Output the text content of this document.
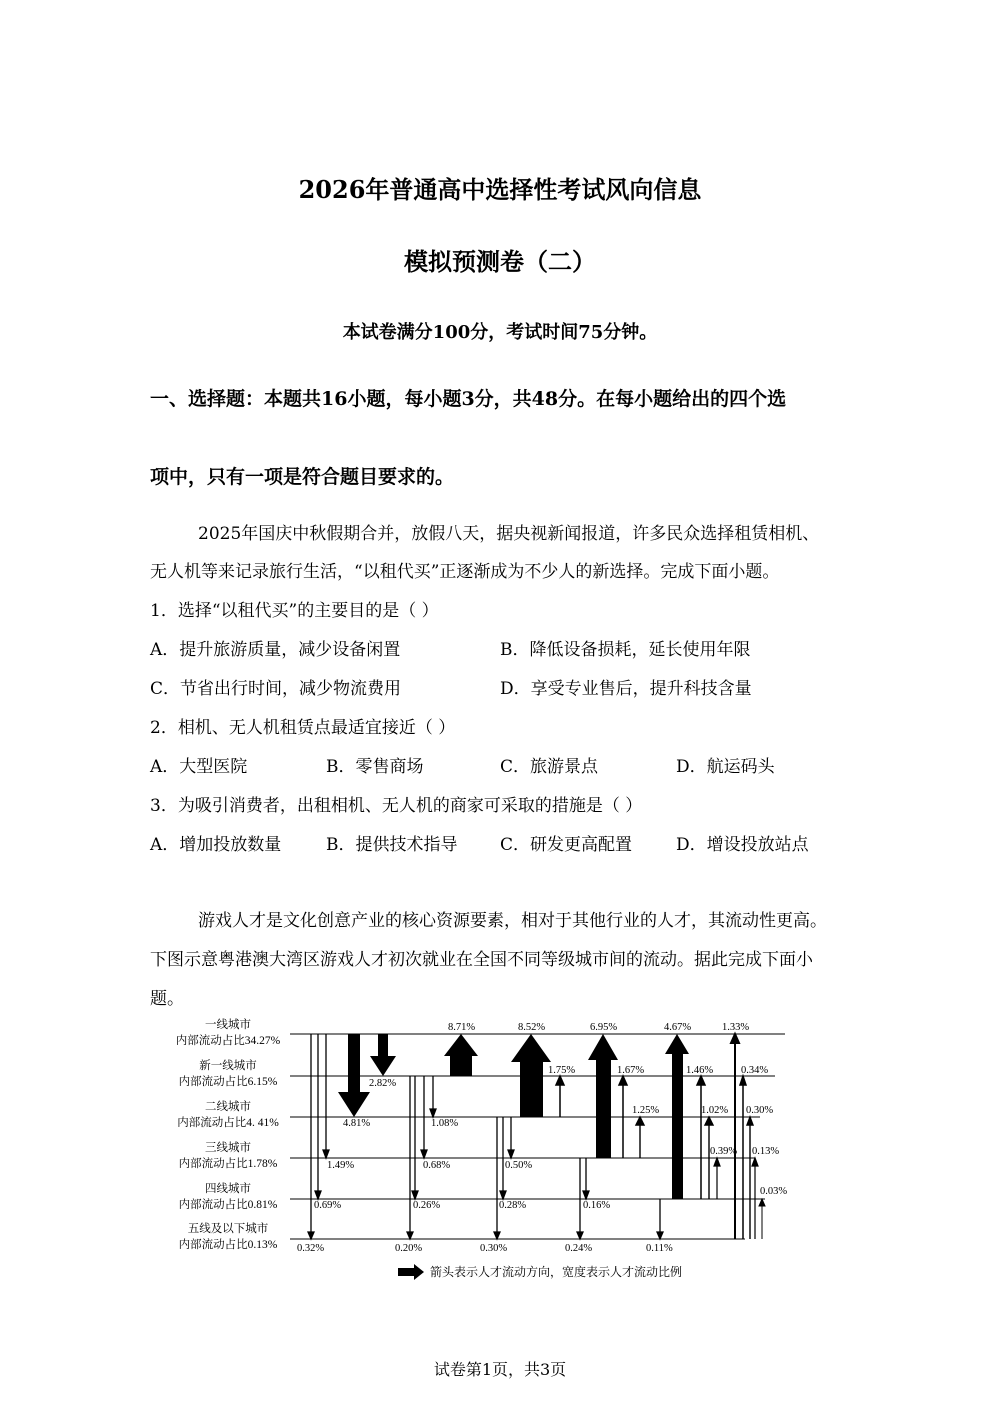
2026年普通高中选择性考试风向信息
模拟预测卷（二）
本试卷满分100分，考试时间75分钟。
一、选择题：本题共16小题，每小题3分，共48分。在每小题给出的四个选
项中，只有一项是符合题目要求的。
2025年国庆中秋假期合并，放假八天，据央视新闻报道，许多民众选择租赁相机、
无人机等来记录旅行生活，“以租代买”正逐渐成为不少人的新选择。完成下面小题。
1．选择“以租代买”的主要目的是（ ）
A．提升旅游质量，减少设备闲置	B．降低设备损耗，延长使用年限
C．节省出行时间，减少物流费用	D．享受专业售后，提升科技含量
2．相机、无人机租赁点最适宜接近（ ）
A．大型医院	B．零售商场	C．旅游景点	D．航运码头
3．为吸引消费者，出租相机、无人机的商家可采取的措施是（ ）
A．增加投放数量	B．提供技术指导	C．研发更高配置	D．增设投放站点
游戏人才是文化创意产业的核心资源要素，相对于其他行业的人才，其流动性更高。
下图示意粤港澳大湾区游戏人才初次就业在全国不同等级城市间的流动。据此完成下面小
题。
一线城市
内部流动占比34.27%
新一线城市
内部流动占比6.15%
二线城市
内部流动占比4. 41%
三线城市
内部流动占比1.78%
四线城市
内部流动占比0.81%
五线及以下城市
内部流动占比0.13% 0.32%
0.69%
1.49%
4.81%
2.82%
0.20%
0.26%
0.68%
1.08%
0.30%
0.28%
0.50%
0.24%
0.16%
0.11%
8.71%	8.52%	6.95%	4.67%	1.33%
1.75%	1.67%	1.46%	0.34%
1.25%	1.02% 0.30%
0.39% 0.13%
0.03%
箭头表示人才流动方向，宽度表示人才流动比例
试卷第1页，共3页
